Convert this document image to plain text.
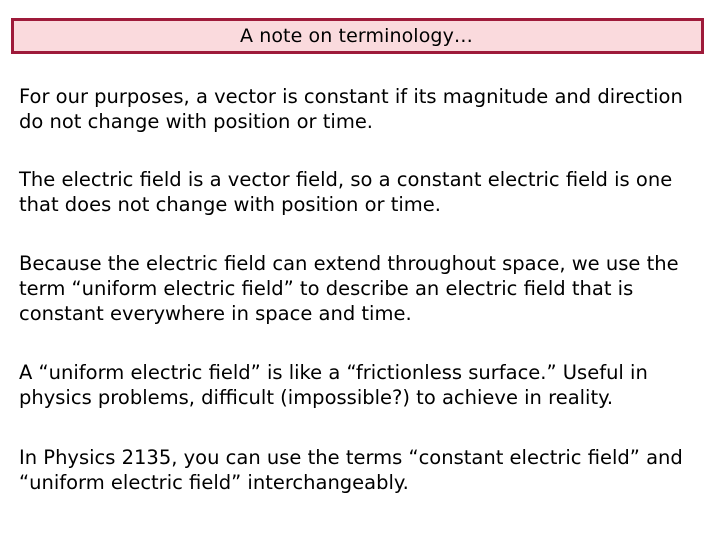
A note on terminology…

For our purposes, a vector is constant if its magnitude and direction
do not change with position or time.

The electric field is a vector field, so a constant electric field is one
that does not change with position or time.

Because the electric field can extend throughout space, we use the
term “uniform electric field” to describe an electric field that is
constant everywhere in space and time.

A “uniform electric field” is like a “frictionless surface.” Useful in
physics problems, difficult (impossible?) to achieve in reality.

In Physics 2135, you can use the terms “constant electric field” and
“uniform electric field” interchangeably.
